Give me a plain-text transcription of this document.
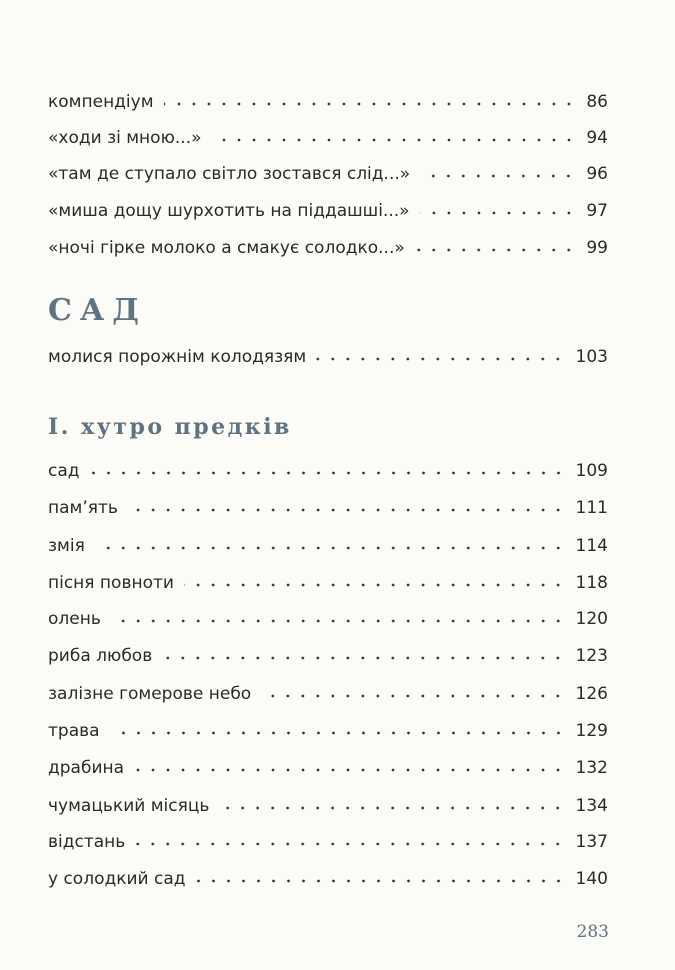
компендіум	86
«ходи зі мною...»	94
«там де ступало світло зостався слід...»	96
«миша дощу шурхотить на піддашші...»	97
«ночі гірке молоко а смакує солодко...»	99
САД
молися порожнім колодязям	103
І. хутро предків
сад	109
пам’ять	111
змія	114
пісня повноти	118
олень	120
риба любов	123
залізне гомерове небо	126
трава	129
драбина	132
чумацький місяць	134
відстань	137
у солодкий сад	140
283
